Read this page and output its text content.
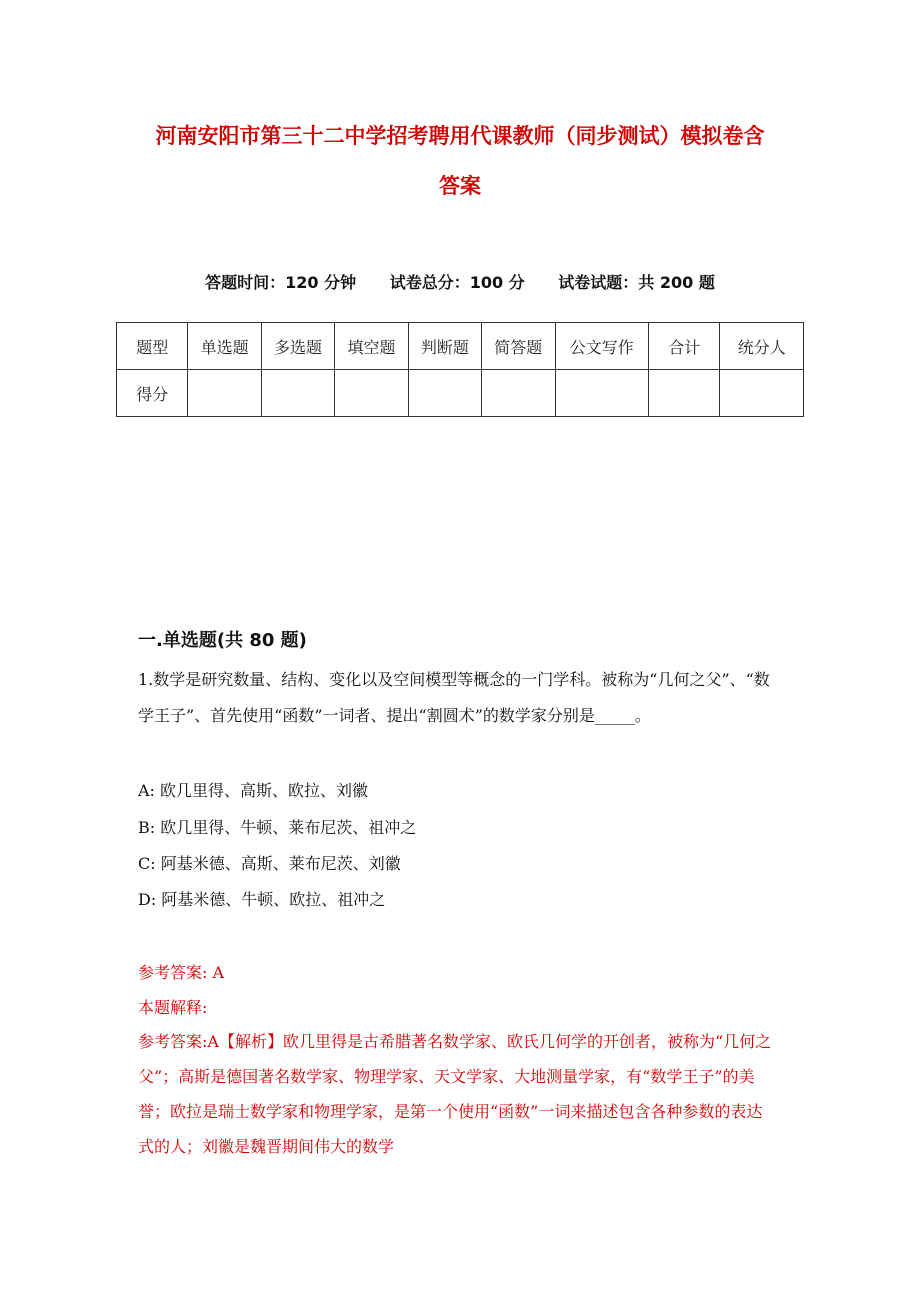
河南安阳市第三十二中学招考聘用代课教师（同步测试）模拟卷含
答案
答题时间：120 分钟 试卷总分：100 分 试卷试题：共 200 题
题型	单选题	多选题	填空题	判断题	简答题	公文写作	合计	统分人
得分								
一.单选题(共 80 题)
1.数学是研究数量、结构、变化以及空间模型等概念的一门学科。被称为“几何之父”、“数学王子”、首先使用“函数”一词者、提出“割圆术”的数学家分别是_____。
A: 欧几里得、高斯、欧拉、刘徽
B: 欧几里得、牛顿、莱布尼茨、祖冲之
C: 阿基米德、高斯、莱布尼茨、刘徽
D: 阿基米德、牛顿、欧拉、祖冲之
参考答案: A
本题解释:
参考答案:A【解析】欧几里得是古希腊著名数学家、欧氏几何学的开创者，被称为“几何之父”；高斯是德国著名数学家、物理学家、天文学家、大地测量学家，有“数学王子”的美誉；欧拉是瑞士数学家和物理学家，是第一个使用“函数”一词来描述包含各种参数的表达式的人；刘徽是魏晋期间伟大的数学
